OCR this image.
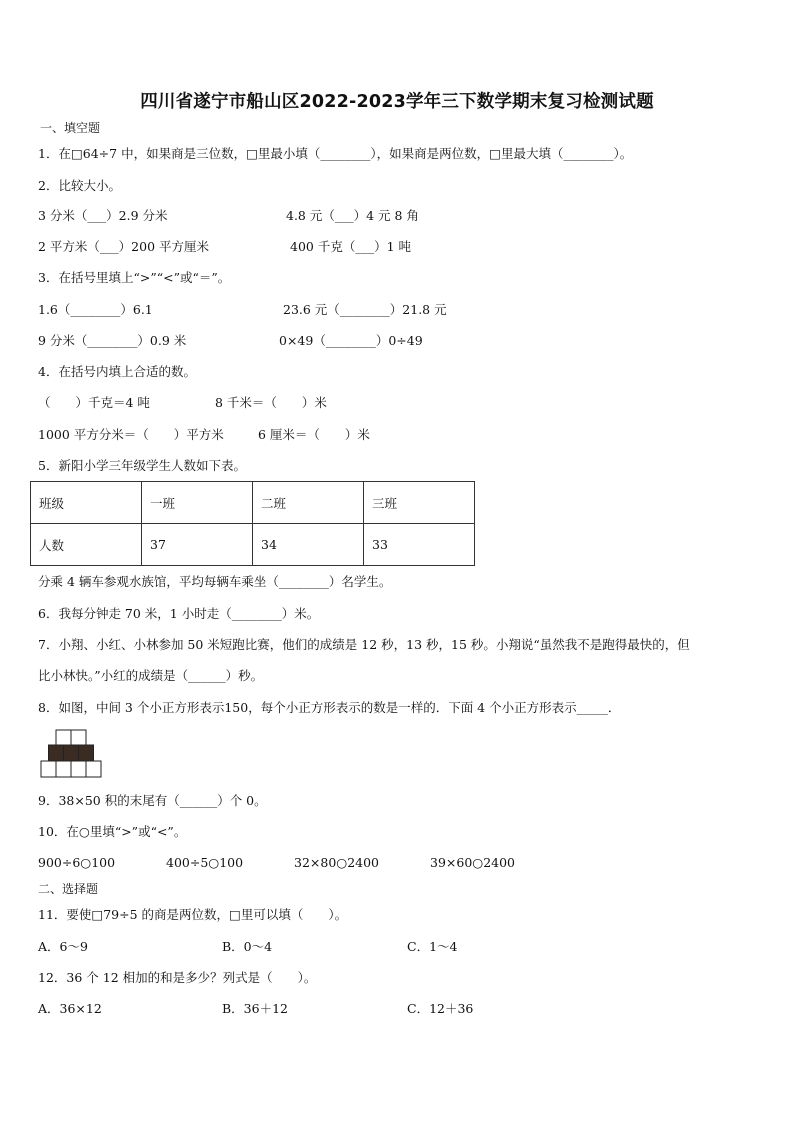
四川省遂宁市船山区2022-2023学年三下数学期末复习检测试题
一、填空题
1．在□64÷7 中，如果商是三位数，□里最小填（________），如果商是两位数，□里最大填（________）。
2．比较大小。
3 分米（___）2.9 分米	4.8 元（___）4 元 8 角
2 平方米（___）200 平方厘米	400 千克（___）1 吨
3．在括号里填上“>”“<”或“＝”。
1.6（________）6.1	23.6 元（________）21.8 元
9 分米（________）0.9 米	0×49（________）0÷49
4．在括号内填上合适的数。
（　　）千克＝4 吨	8 千米＝（　　）米
1000 平方分米＝（　　）平方米	6 厘米＝（　　）米
5．新阳小学三年级学生人数如下表。
班级	一班	二班	三班
人数	37	34	33
分乘 4 辆车参观水族馆，平均每辆车乘坐（________）名学生。
6．我每分钟走 70 米，1 小时走（________）米。
7．小翔、小红、小林参加 50 米短跑比赛，他们的成绩是 12 秒，13 秒，15 秒。小翔说“虽然我不是跑得最快的，但
比小林快。”小红的成绩是（______）秒。
8．如图，中间 3 个小正方形表示150，每个小正方形表示的数是一样的．下面 4 个小正方形表示_____．
9．38×50 积的末尾有（______）个 0。
10．在○里填“>”或“<”。
900÷6○100	400÷5○100	32×80○2400	39×60○2400
二、选择题
11．要使□79÷5 的商是两位数，□里可以填（　　）。
A．6～9	B．0～4	C．1～4
12．36 个 12 相加的和是多少？列式是（　　）。
A．36×12	B．36＋12	C．12＋36
